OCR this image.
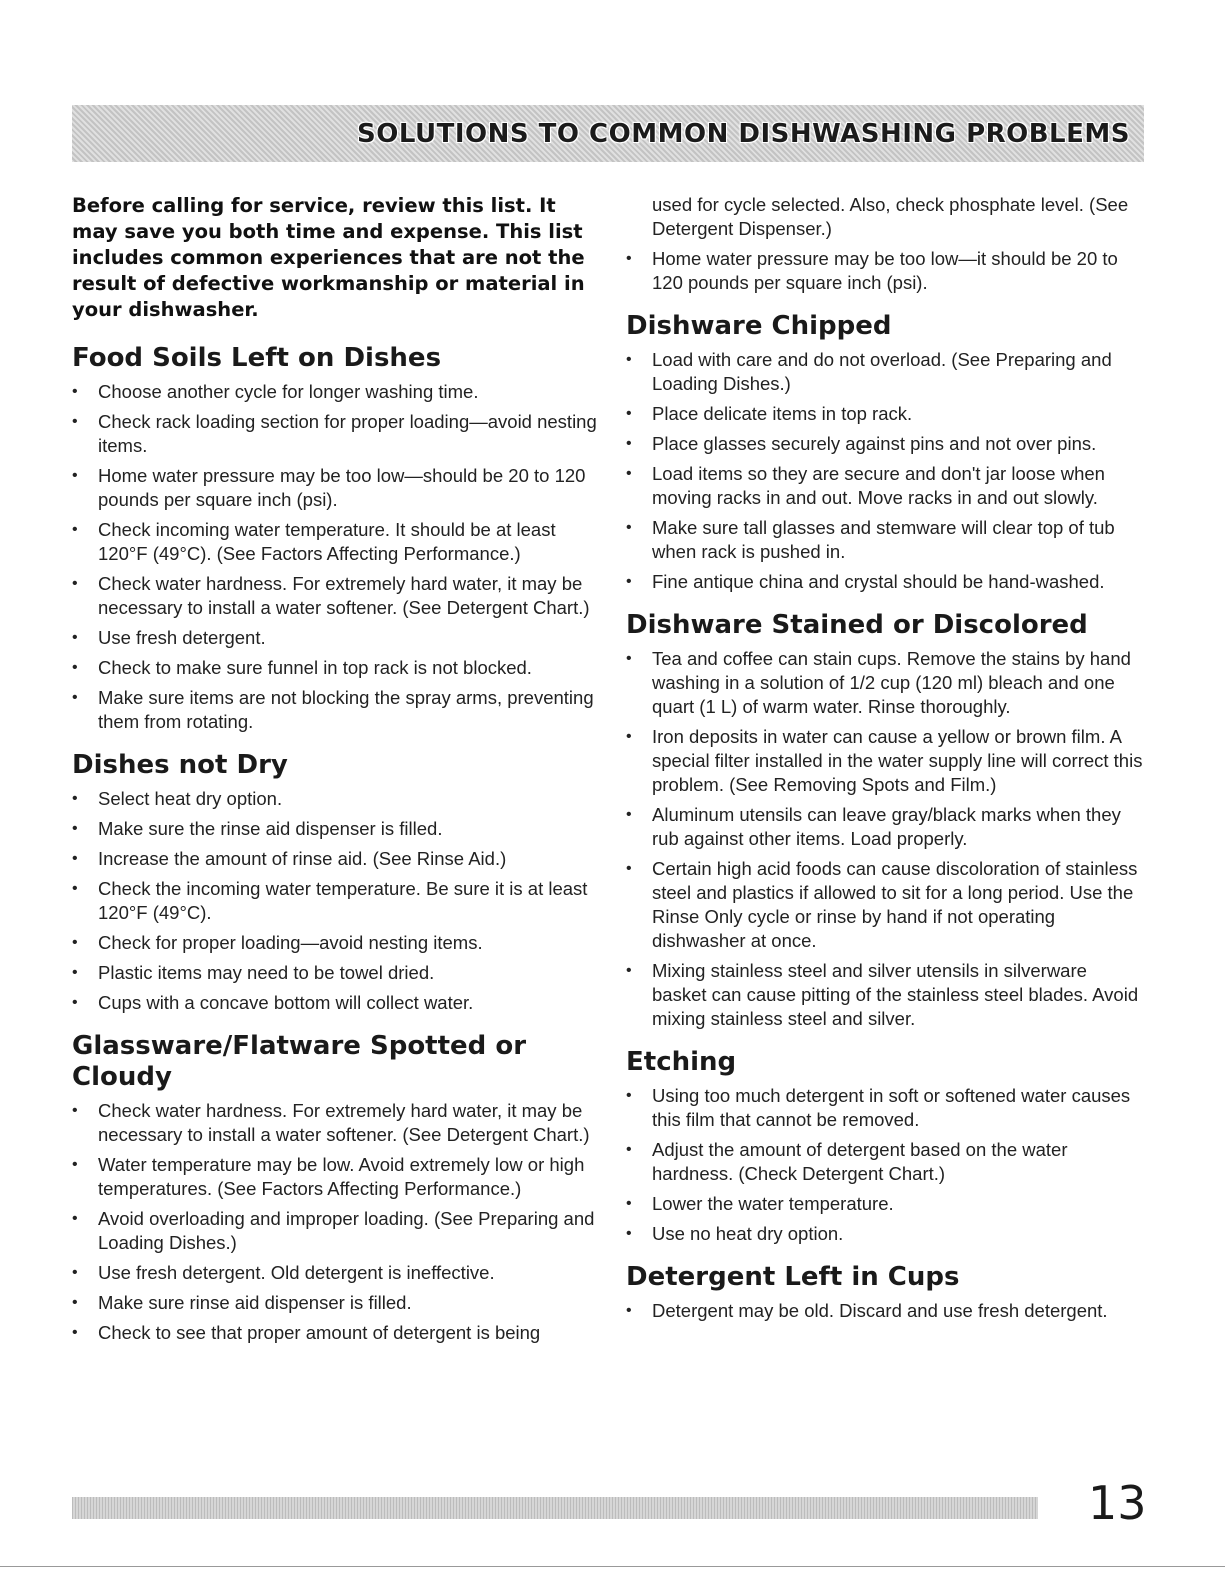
SOLUTIONS TO COMMON DISHWASHING PROBLEMS

Before calling for service, review this list. It may save you both time and expense. This list includes common experiences that are not the result of defective workmanship or material in your dishwasher.

Food Soils Left on Dishes
• Choose another cycle for longer washing time.
• Check rack loading section for proper loading—avoid nesting items.
• Home water pressure may be too low—should be 20 to 120 pounds per square inch (psi).
• Check incoming water temperature. It should be at least 120°F (49°C). (See Factors Affecting Performance.)
• Check water hardness. For extremely hard water, it may be necessary to install a water softener. (See Detergent Chart.)
• Use fresh detergent.
• Check to make sure funnel in top rack is not blocked.
• Make sure items are not blocking the spray arms, preventing them from rotating.
Dishes not Dry
• Select heat dry option.
• Make sure the rinse aid dispenser is filled.
• Increase the amount of rinse aid. (See Rinse Aid.)
• Check the incoming water temperature. Be sure it is at least 120°F (49°C).
• Check for proper loading—avoid nesting items.
• Plastic items may need to be towel dried.
• Cups with a concave bottom will collect water.
Glassware/Flatware Spotted or Cloudy
• Check water hardness. For extremely hard water, it may be necessary to install a water softener. (See Detergent Chart.)
• Water temperature may be low. Avoid extremely low or high temperatures. (See Factors Affecting Performance.)
• Avoid overloading and improper loading. (See Preparing and Loading Dishes.)
• Use fresh detergent. Old detergent is ineffective.
• Make sure rinse aid dispenser is filled.
• Check to see that proper amount of detergent is being

used for cycle selected. Also, check phosphate level. (See Detergent Dispenser.)

• Home water pressure may be too low—it should be 20 to 120 pounds per square inch (psi).
Dishware Chipped
• Load with care and do not overload. (See Preparing and Loading Dishes.)
• Place delicate items in top rack.
• Place glasses securely against pins and not over pins.
• Load items so they are secure and don't jar loose when moving racks in and out. Move racks in and out slowly.
• Make sure tall glasses and stemware will clear top of tub when rack is pushed in.
• Fine antique china and crystal should be hand-washed.
Dishware Stained or Discolored
• Tea and coffee can stain cups. Remove the stains by hand washing in a solution of 1/2 cup (120 ml) bleach and one quart (1 L) of warm water. Rinse thoroughly.
• Iron deposits in water can cause a yellow or brown film. A special filter installed in the water supply line will correct this problem. (See Removing Spots and Film.)
• Aluminum utensils can leave gray/black marks when they rub against other items. Load properly.
• Certain high acid foods can cause discoloration of stainless steel and plastics if allowed to sit for a long period. Use the Rinse Only cycle or rinse by hand if not operating dishwasher at once.
• Mixing stainless steel and silver utensils in silverware basket can cause pitting of the stainless steel blades. Avoid mixing stainless steel and silver.
Etching
• Using too much detergent in soft or softened water causes this film that cannot be removed.
• Adjust the amount of detergent based on the water hardness. (Check Detergent Chart.)
• Lower the water temperature.
• Use no heat dry option.
Detergent Left in Cups
• Detergent may be old. Discard and use fresh detergent.
13
